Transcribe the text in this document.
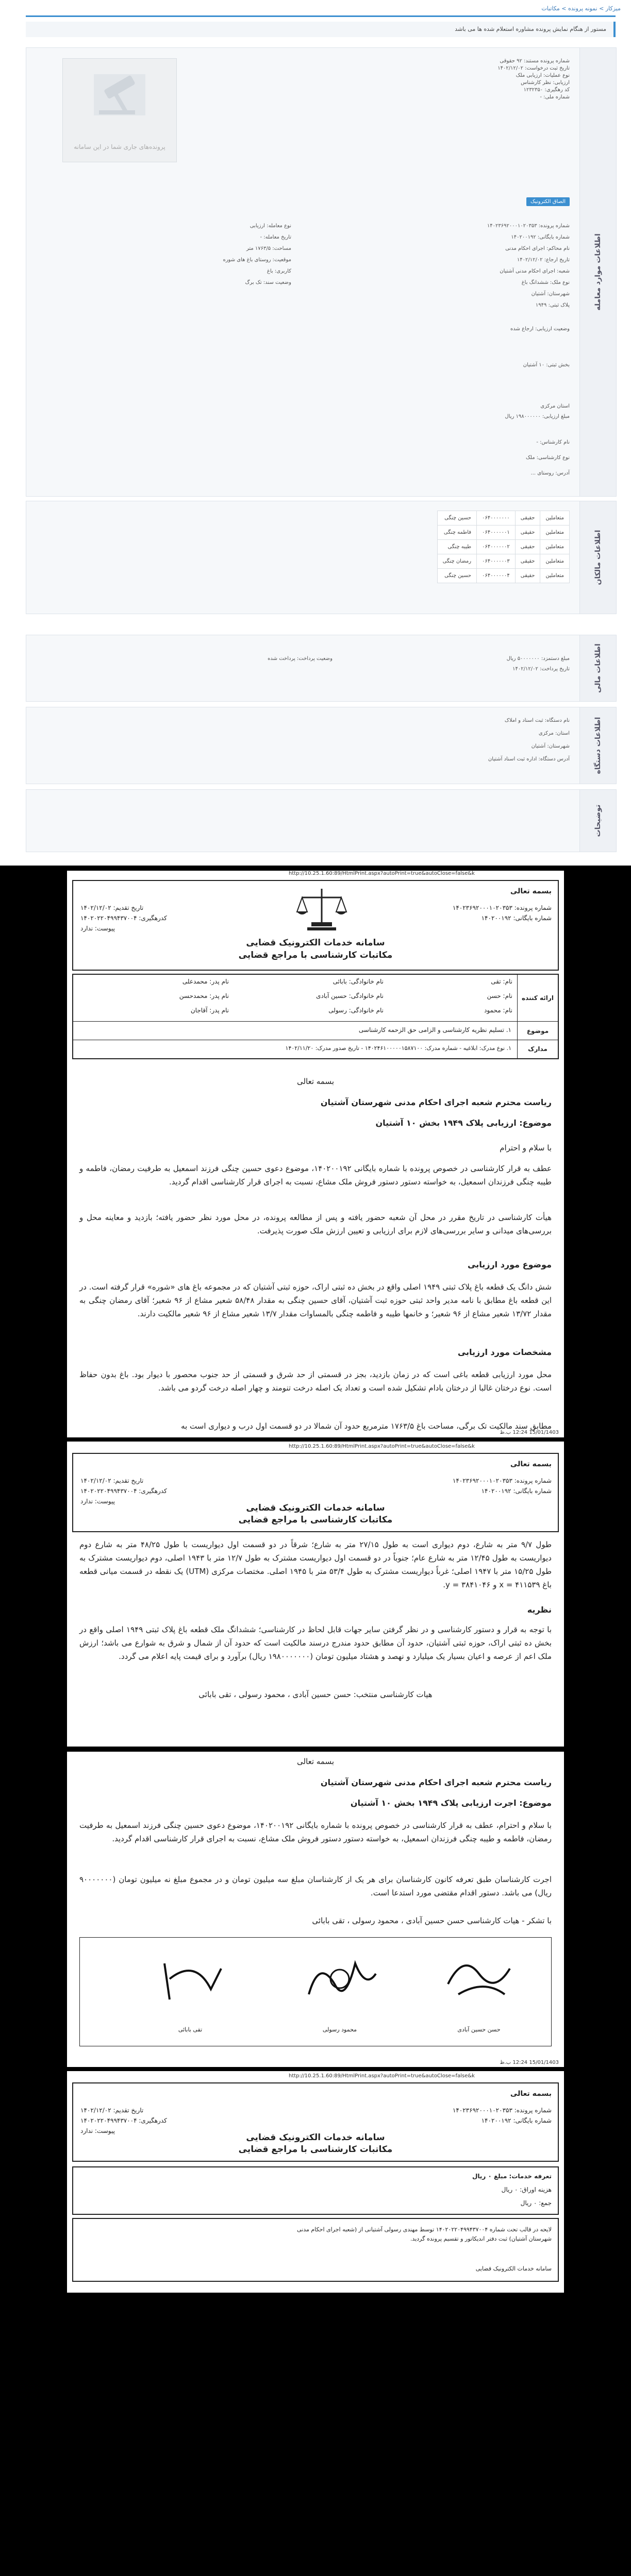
میزکار > نمونه پرونده > مکاتبات
مستور از هنگام نمایش پرونده مشاوره استعلام شده ها می باشد
اطلاعات موارد معامله
پرونده‌های جاری شما در این سامانه
شماره پرونده مستند: ۹۲ حقوقی
تاریخ ثبت درخواست: ۱۴۰۲/۱۲/۰۲
نوع عملیات: ارزیابی ملک
ارزیابی: نظر کارشناس
کد رهگیری: ۱۲۳۲۳۵۰
شماره ملی: -
الصاق الکترونیک
شماره پرونده: ۱۴۰۲۳۶۹۲۰۰۰۱۰۲۰۳۵۳
شماره بایگانی: ۱۴۰۲۰۰۱۹۲
نام محاکم: اجرای احکام مدنی
تاریخ ارجاع: ۱۴۰۲/۱۲/۰۲
شعبه: اجرای احکام مدنی آشتیان
نوع ملک: ششدانگ باغ
شهرستان: آشتیان
پلاک ثبتی: ۱۹۴۹
وضعیت ارزیابی: ارجاع شده
بخش ثبتی: ۱۰ آشتیان
استان مرکزی
مبلغ ارزیابی: ۱۹۸۰۰۰۰۰۰ ریال
نام کارشناس: -
نوع کارشناسی: ملک
آدرس: روستای ...
نوع معامله: ارزیابی
تاریخ معامله: -
مساحت: ۱۷۶۳/۵ متر
موقعیت: روستای باغ های شوره
کاربری: باغ
وضعیت سند: تک برگ
اطلاعات مالکان
متعاملین	حقیقی	۰۶۴۰۰۰۰۰۰۰	حسین چنگی
متعاملین	حقیقی	۰۶۴۰۰۰۰۰۰۱	فاطمه چنگی
متعاملین	حقیقی	۰۶۴۰۰۰۰۰۰۲	طیبه چنگی
متعاملین	حقیقی	۰۶۴۰۰۰۰۰۰۳	رمضان چنگی
متعاملین	حقیقی	۰۶۴۰۰۰۰۰۰۴	حسین چنگی
اطلاعات مالی
مبلغ دستمزد: ۵۰۰۰۰۰۰۰ ریال
تاریخ پرداخت: ۱۴۰۲/۱۲/۰۲
وضعیت پرداخت: پرداخت شده
اطلاعات دستگاه
نام دستگاه: ثبت اسناد و املاک
استان: مرکزی
شهرستان: آشتیان
آدرس دستگاه: اداره ثبت اسناد آشتیان
توضیحات
http://10.25.1.60:89/HtmlPrint.aspx?autoPrint=true&autoClose=false&k
بسمه تعالی
شماره پرونده: ۱۴۰۲۳۶۹۲۰۰۰۱۰۲۰۳۵۳
شماره بایگانی: ۱۴۰۲۰۰۱۹۲
تاریخ تقدیم: ۱۴۰۲/۱۲/۰۲
کدرهگیری: ۱۴۰۲۰۲۲۰۴۹۹۴۳۷۰۰۴
پیوست: ندارد
سامانه خدمات الکترونیک قضایی
مکاتبات کارشناسی با مراجع قضایی
ارائه کننده
نام: تقی
نام خانوادگی: بابائی
نام پدر: محمدعلی
نام: حسن
نام خانوادگی: حسین آبادی
نام پدر: محمدحسن
نام: محمود
نام خانوادگی: رسولی
نام پدر: آقاجان
موضوع
۱. تسلیم نظریه کارشناسی و الزامی حق الزحمه کارشناسی
مدارک
۱. نوع مدرک: ابلاغیه - شماره مدرک: ۱۴۰۲۴۶۱۰۰۰۰۰۱۵۸۷۱۰۰ - تاریخ صدور مدرک: ۱۴۰۲/۱۱/۲۰
بسمه تعالی
ریاست محترم شعبه اجرای احکام مدنی شهرستان آشتیان
موضوع: ارزیابی پلاک ۱۹۴۹ بخش ۱۰ آشتیان
با سلام و احترام
عطف به قرار کارشناسی در خصوص پرونده با شماره بایگانی ۱۴۰۲۰۰۱۹۲، موضوع دعوی حسین چنگی فرزند اسمعیل به طرفیت رمضان، فاطمه و طیبه چنگی فرزندان اسمعیل، به خواسته دستور دستور فروش ملک مشاع، نسبت به اجرای قرار کارشناسی اقدام گردید.
هیأت کارشناسی در تاریخ مقرر در محل آن شعبه حضور یافته و پس از مطالعه پرونده، در محل مورد نظر حضور یافته؛ بازدید و معاینه محل و بررسی‌های میدانی و سایر بررسی‌های لازم برای ارزیابی و تعیین ارزش ملک صورت پذیرفت.
موضوع مورد ارزیابی
شش دانگ یک قطعه باغ پلاک ثبتی ۱۹۴۹ اصلی واقع در بخش ده ثبتی اراک، حوزه ثبتی آشتیان که در مجموعه باغ های «شوره» قرار گرفته است. در این قطعه باغ مطابق با نامه مدیر واحد ثبتی حوزه ثبت آشتیان، آقای حسین چنگی به مقدار ۵۸/۴۸ شعیر مشاع از ۹۶ شعیر؛ آقای رمضان چنگی به مقدار ۱۳/۷۲ شعیر مشاع از ۹۶ شعیر؛ و خانمها طیبه و فاطمه چنگی بالمساوات مقدار ۱۳/۷ شعیر مشاع از ۹۶ شعیر مالکیت دارند.
مشخصات مورد ارزیابی
محل مورد ارزیابی قطعه باغی است که در زمان بازدید، بجز در قسمتی از حد شرق و قسمتی از حد جنوب محصور با دیوار بود. باغ بدون حفاظ است. نوع درختان غالبا از درختان بادام تشکیل شده است و تعداد یک اصله درخت تنومند و چهار اصله درخت گردو می باشد.
مطابق سند مالکیت تک برگی، مساحت باغ ۱۷۶۳/۵ مترمربع حدود آن شمالا در دو قسمت اول درب و دیواری است به
15/01/1403 12:24 ب.ظ
http://10.25.1.60:89/HtmlPrint.aspx?autoPrint=true&autoClose=false&k
بسمه تعالی
شماره پرونده: ۱۴۰۲۳۶۹۲۰۰۰۱۰۲۰۳۵۳
شماره بایگانی: ۱۴۰۲۰۰۱۹۲
تاریخ تقدیم: ۱۴۰۲/۱۲/۰۲
کدرهگیری: ۱۴۰۲۰۲۲۰۴۹۹۴۳۷۰۰۴
پیوست: ندارد
سامانه خدمات الکترونیک قضایی
مکاتبات کارشناسی با مراجع قضایی
طول ۹/۷ متر به شارع، دوم دیواری است به طول ۲۷/۱۵ متر به شارع؛ شرقاً در دو قسمت اول دیواریست با طول ۴۸/۲۵ متر به شارع دوم دیواریست به طول ۱۲/۴۵ متر به شارع عام؛ جنوباً در دو قسمت اول دیواریست مشترک به طول ۱۲/۷ متر با ۱۹۴۳ اصلی، دوم دیواریست مشترک به طول ۱۵/۲۵ متر با ۱۹۴۷ اصلی؛ غرباً دیواریست مشترک به طول ۵۳/۴ متر با ۱۹۴۵ اصلی. مختصات مرکزی (UTM) یک نقطه در قسمت میانی قطعه باغ x = ۴۱۱۵۳۹ و y = ۳۸۴۱۰۴۶.
نظریه
با توجه به قرار و دستور کارشناسی و در نظر گرفتن سایر جهات قابل لحاظ در کارشناسی؛ ششدانگ ملک قطعه باغ پلاک ثبتی ۱۹۴۹ اصلی واقع در بخش ده ثبتی اراک، حوزه ثبتی آشتیان، حدود آن مطابق حدود مندرج درسند مالکیت است که حدود آن از شمال و شرق به شوارع می باشد؛ ارزش ملک اعم از عرصه و اعیان بسیار یک میلیارد و نهصد و هشتاد میلیون تومان (۱۹۸۰۰۰۰۰۰۰ ریال) برآورد و برای قیمت پایه اعلام می گردد.
هیات کارشناسی منتخب: حسن حسین آبادی ، محمود رسولی ، تقی بابائی
بسمه تعالی
ریاست محترم شعبه اجرای احکام مدنی شهرستان آشتیان
موضوع: اجرت ارزیابی پلاک ۱۹۴۹ بخش ۱۰ آشتیان
با سلام و احترام، عطف به قرار کارشناسی در خصوص پرونده با شماره بایگانی ۱۴۰۲۰۰۱۹۲، موضوع دعوی حسین چنگی فرزند اسمعیل به طرفیت رمضان، فاطمه و طیبه چنگی فرزندان اسمعیل، به خواسته دستور دستور فروش ملک مشاع، نسبت به اجرای قرار کارشناسی اقدام گردید.
اجرت کارشناسان طبق تعرفه کانون کارشناسان برای هر یک از کارشناسان مبلغ سه میلیون تومان و در مجموع مبلغ نه میلیون تومان (۹۰۰۰۰۰۰۰ ریال) می باشد. دستور اقدام مقتضی مورد استدعا است.
با تشکر - هیات کارشناسی حسن حسین آبادی ، محمود رسولی ، تقی بابائی
حسن حسین آبادی
محمود رسولی
تقی بابائی
15/01/1403 12:24 ب.ظ
http://10.25.1.60:89/HtmlPrint.aspx?autoPrint=true&autoClose=false&k
بسمه تعالی
شماره پرونده: ۱۴۰۲۳۶۹۲۰۰۰۱۰۲۰۳۵۳
شماره بایگانی: ۱۴۰۲۰۰۱۹۲
تاریخ تقدیم: ۱۴۰۲/۱۲/۰۲
کدرهگیری: ۱۴۰۲۰۲۲۰۴۹۹۴۳۷۰۰۴
پیوست: ندارد
سامانه خدمات الکترونیک قضایی
مکاتبات کارشناسی با مراجع قضایی
تعرفه خدمات: مبلغ ۰ ریال
هزینه اوراق: ۰ ریال
جمع: ۰ ریال
لایحه در قالب تحت شماره ۱۴۰۲۰۲۲۰۴۹۹۴۳۷۰۰۴ توسط مهندی رسولی آشتیانی از (شعبه اجرای احکام مدنی شهرستان آشتیان) ثبت دفتر اندیکاتور و تقسیم پرونده گردید.
سامانه خدمات الکترونیک قضایی
